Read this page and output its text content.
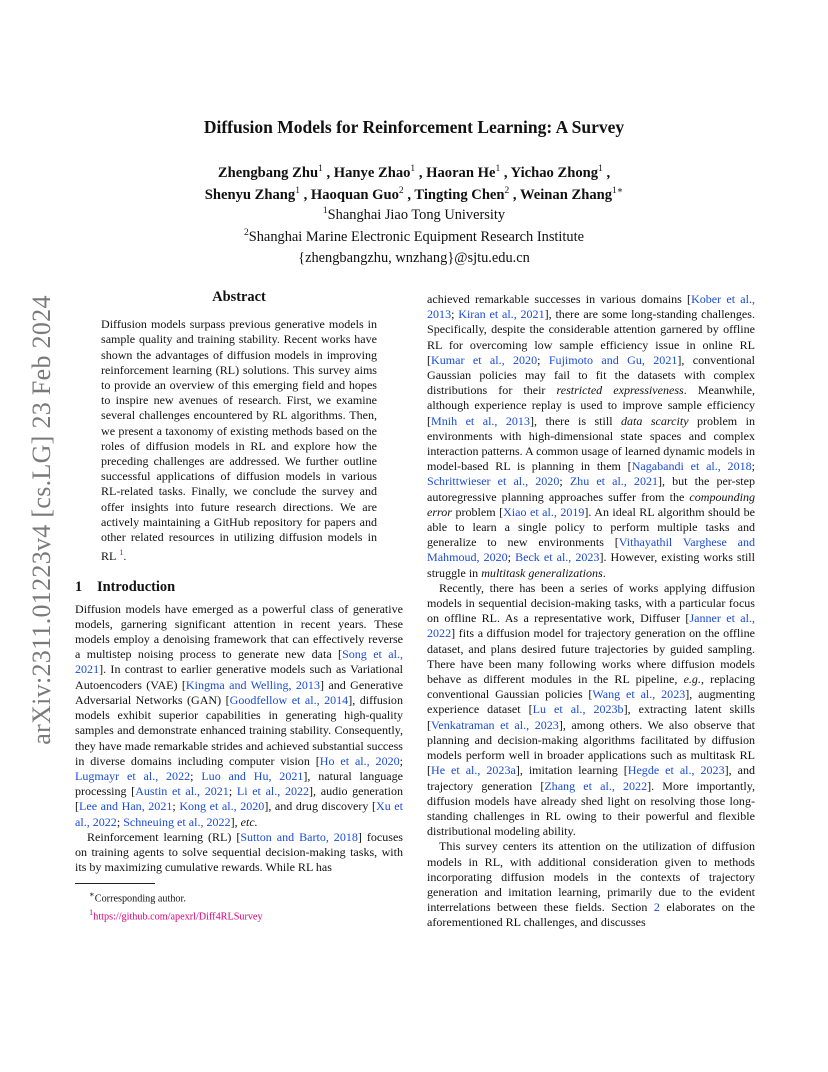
arXiv:2311.01223v4 [cs.LG] 23 Feb 2024
Diffusion Models for Reinforcement Learning: A Survey
Zhengbang Zhu$^1$ , Hanye Zhao$^1$ , Haoran He$^1$ , Yichao Zhong$^1$ ,
Shenyu Zhang$^1$ , Haoquan Guo$^2$ , Tingting Chen$^2$ , Weinan Zhang$^{1∗}$
$^1$Shanghai Jiao Tong University
$^2$Shanghai Marine Electronic Equipment Research Institute
{zhengbangzhu, wnzhang}@sjtu.edu.cn
Abstract

Diffusion models surpass previous generative models in sample quality and training stability. Recent works have shown the advantages of diffusion models in improving reinforcement learning (RL) solutions. This survey aims to provide an overview of this emerging field and hopes to inspire new avenues of research. First, we examine several challenges encountered by RL algorithms. Then, we present a taxonomy of existing methods based on the roles of diffusion models in RL and explore how the preceding challenges are addressed. We further outline successful applications of diffusion models in various RL-related tasks. Finally, we conclude the survey and offer insights into future research directions. We are actively maintaining a GitHub repository for papers and other related resources in utilizing diffusion models in RL $^1$.

1 Introduction

Diffusion models have emerged as a powerful class of generative models, garnering significant attention in recent years. These models employ a denoising framework that can effectively reverse a multistep noising process to generate new data [Song et al., 2021]. In contrast to earlier generative models such as Variational Autoencoders (VAE) [Kingma and Welling, 2013] and Generative Adversarial Networks (GAN) [Goodfellow et al., 2014], diffusion models exhibit superior capabilities in generating high-quality samples and demonstrate enhanced training stability. Consequently, they have made remarkable strides and achieved substantial success in diverse domains including computer vision [Ho et al., 2020; Lugmayr et al., 2022; Luo and Hu, 2021], natural language processing [Austin et al., 2021; Li et al., 2022], audio generation [Lee and Han, 2021; Kong et al., 2020], and drug discovery [Xu et al., 2022; Schneuing et al., 2022], etc.

Reinforcement learning (RL) [Sutton and Barto, 2018] focuses on training agents to solve sequential decision-making tasks, with its by maximizing cumulative rewards. While RL has

∗Corresponding author.

$^1$https://github.com/apexrl/Diff4RLSurvey

achieved remarkable successes in various domains [Kober et al., 2013; Kiran et al., 2021], there are some long-standing challenges. Specifically, despite the considerable attention garnered by offline RL for overcoming low sample efficiency issue in online RL [Kumar et al., 2020; Fujimoto and Gu, 2021], conventional Gaussian policies may fail to fit the datasets with complex distributions for their restricted expressiveness. Meanwhile, although experience replay is used to improve sample efficiency [Mnih et al., 2013], there is still data scarcity problem in environments with high-dimensional state spaces and complex interaction patterns. A common usage of learned dynamic models in model-based RL is planning in them [Nagabandi et al., 2018; Schrittwieser et al., 2020; Zhu et al., 2021], but the per-step autoregressive planning approaches suffer from the compounding error problem [Xiao et al., 2019]. An ideal RL algorithm should be able to learn a single policy to perform multiple tasks and generalize to new environments [Vithayathil Varghese and Mahmoud, 2020; Beck et al., 2023]. However, existing works still struggle in multitask generalizations.

Recently, there has been a series of works applying diffusion models in sequential decision-making tasks, with a particular focus on offline RL. As a representative work, Diffuser [Janner et al., 2022] fits a diffusion model for trajectory generation on the offline dataset, and plans desired future trajectories by guided sampling. There have been many following works where diffusion models behave as different modules in the RL pipeline, e.g., replacing conventional Gaussian policies [Wang et al., 2023], augmenting experience dataset [Lu et al., 2023b], extracting latent skills [Venkatraman et al., 2023], among others. We also observe that planning and decision-making algorithms facilitated by diffusion models perform well in broader applications such as multitask RL [He et al., 2023a], imitation learning [Hegde et al., 2023], and trajectory generation [Zhang et al., 2022]. More importantly, diffusion models have already shed light on resolving those long-standing challenges in RL owing to their powerful and flexible distributional modeling ability.

This survey centers its attention on the utilization of diffusion models in RL, with additional consideration given to methods incorporating diffusion models in the contexts of trajectory generation and imitation learning, primarily due to the evident interrelations between these fields. Section 2 elaborates on the aforementioned RL challenges, and discusses
